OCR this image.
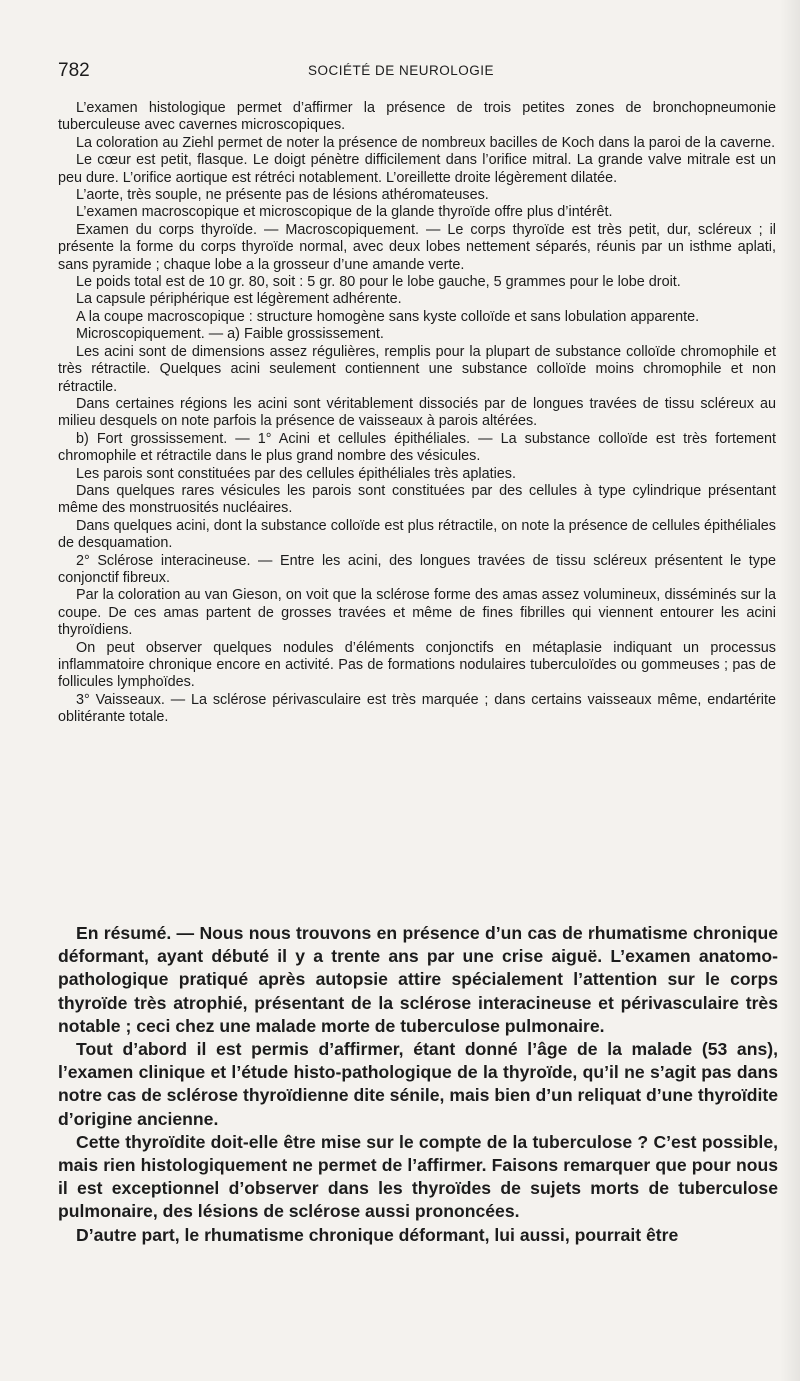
782	SOCIÉTÉ DE NEUROLOGIE

L’examen histologique permet d’affirmer la présence de trois petites zones de bronchopneumonie tuberculeuse avec cavernes microscopiques.

La coloration au Ziehl permet de noter la présence de nombreux bacilles de Koch dans la paroi de la caverne.

Le cœur est petit, flasque. Le doigt pénètre difficilement dans l’orifice mitral. La grande valve mitrale est un peu dure. L’orifice aortique est rétréci notablement. L’oreillette droite légèrement dilatée.

L’aorte, très souple, ne présente pas de lésions athéromateuses.

L’examen macroscopique et microscopique de la glande thyroïde offre plus d’intérêt.

Examen du corps thyroïde. — Macroscopiquement. — Le corps thyroïde est très petit, dur, scléreux ; il présente la forme du corps thyroïde normal, avec deux lobes nettement séparés, réunis par un isthme aplati, sans pyramide ; chaque lobe a la grosseur d’une amande verte.

Le poids total est de 10 gr. 80, soit : 5 gr. 80 pour le lobe gauche, 5 grammes pour le lobe droit.

La capsule périphérique est légèrement adhérente.

A la coupe macroscopique : structure homogène sans kyste colloïde et sans lobulation apparente.

Microscopiquement. — a) Faible grossissement.

Les acini sont de dimensions assez régulières, remplis pour la plupart de substance colloïde chromophile et très rétractile. Quelques acini seulement contiennent une substance colloïde moins chromophile et non rétractile.

Dans certaines régions les acini sont véritablement dissociés par de longues travées de tissu scléreux au milieu desquels on note parfois la présence de vaisseaux à parois altérées.

b) Fort grossissement. — 1° Acini et cellules épithéliales. — La substance colloïde est très fortement chromophile et rétractile dans le plus grand nombre des vésicules.

Les parois sont constituées par des cellules épithéliales très aplaties.

Dans quelques rares vésicules les parois sont constituées par des cellules à type cylindrique présentant même des monstruosités nucléaires.

Dans quelques acini, dont la substance colloïde est plus rétractile, on note la présence de cellules épithéliales de desquamation.

2° Sclérose interacineuse. — Entre les acini, des longues travées de tissu scléreux présentent le type conjonctif fibreux.

Par la coloration au van Gieson, on voit que la sclérose forme des amas assez volumineux, disséminés sur la coupe. De ces amas partent de grosses travées et même de fines fibrilles qui viennent entourer les acini thyroïdiens.

On peut observer quelques nodules d’éléments conjonctifs en métaplasie indiquant un processus inflammatoire chronique encore en activité. Pas de formations nodulaires tuberculoïdes ou gommeuses ; pas de follicules lymphoïdes.

3° Vaisseaux. — La sclérose périvasculaire est très marquée ; dans certains vaisseaux même, endartérite oblitérante totale.

En résumé. — Nous nous trouvons en présence d’un cas de rhumatisme chronique déformant, ayant débuté il y a trente ans par une crise aiguë. L’examen anatomo-pathologique pratiqué après autopsie attire spécialement l’attention sur le corps thyroïde très atrophié, présentant de la sclérose interacineuse et périvasculaire très notable ; ceci chez une malade morte de tuberculose pulmonaire.

Tout d’abord il est permis d’affirmer, étant donné l’âge de la malade (53 ans), l’examen clinique et l’étude histo-pathologique de la thyroïde, qu’il ne s’agit pas dans notre cas de sclérose thyroïdienne dite sénile, mais bien d’un reliquat d’une thyroïdite d’origine ancienne.

Cette thyroïdite doit-elle être mise sur le compte de la tuberculose ? C’est possible, mais rien histologiquement ne permet de l’affirmer. Faisons remarquer que pour nous il est exceptionnel d’observer dans les thyroïdes de sujets morts de tuberculose pulmonaire, des lésions de sclérose aussi prononcées.

D’autre part, le rhumatisme chronique déformant, lui aussi, pourrait être
